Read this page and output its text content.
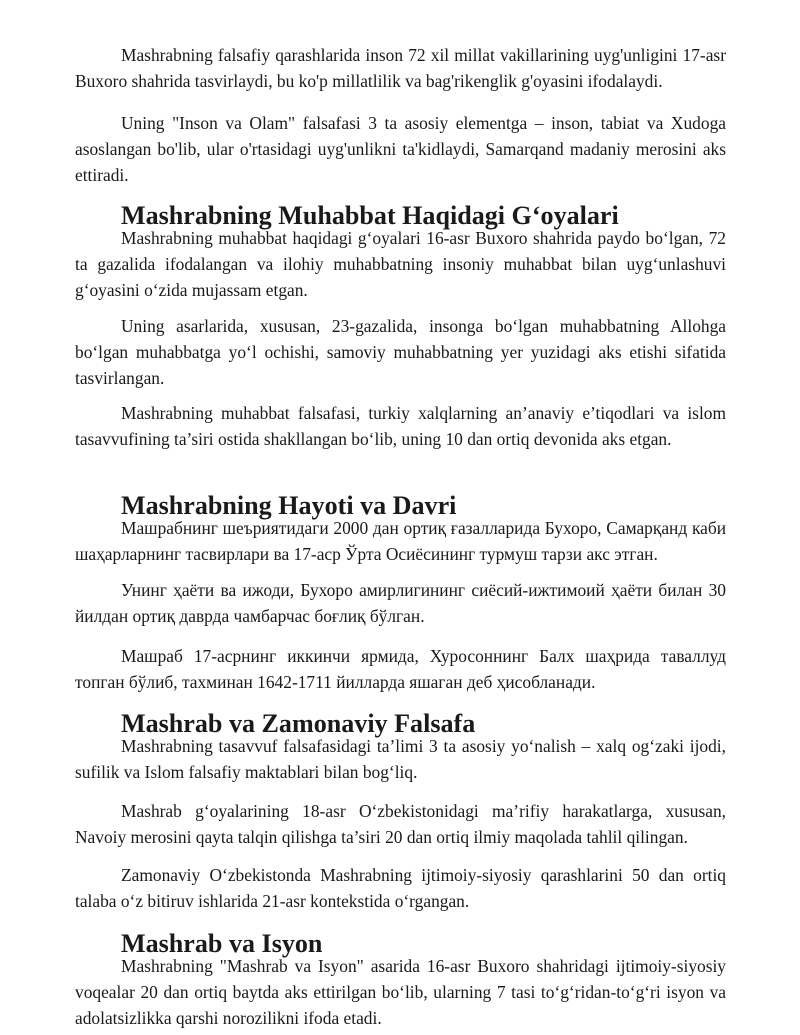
Mashrabning falsafiy qarashlarida inson 72 xil millat vakillarining uyg'unligini 17-asr Buxoro shahrida tasvirlaydi, bu ko'p millatlilik va bag'rikenglik g'oyasini ifodalaydi.

Uning "Inson va Olam" falsafasi 3 ta asosiy elementga – inson, tabiat va Xudoga asoslangan bo'lib, ular o'rtasidagi uyg'unlikni ta'kidlaydi, Samarqand madaniy merosini aks ettiradi.

Mashrabning Muhabbat Haqidagi G‘oyalari

Mashrabning muhabbat haqidagi g‘oyalari 16-asr Buxoro shahrida paydo bo‘lgan, 72 ta gazalida ifodalangan va ilohiy muhabbatning insoniy muhabbat bilan uyg‘unlashuvi g‘oyasini o‘zida mujassam etgan.

Uning asarlarida, xususan, 23-gazalida, insonga bo‘lgan muhabbatning Allohga bo‘lgan muhabbatga yo‘l ochishi, samoviy muhabbatning yer yuzidagi aks etishi sifatida tasvirlangan.

Mashrabning muhabbat falsafasi, turkiy xalqlarning an’anaviy e’tiqodlari va islom tasavvufining ta’siri ostida shakllangan bo‘lib, uning 10 dan ortiq devonida aks etgan.

Mashrabning Hayoti va Davri

Машрабнинг шеъриятидаги 2000 дан ортиқ ғазалларида Бухоро, Самарқанд каби шаҳарларнинг тасвирлари ва 17-аср Ўрта Осиёсининг турмуш тарзи акс этган.

Унинг ҳаёти ва ижоди, Бухоро амирлигининг сиёсий-ижтимоий ҳаёти билан 30 йилдан ортиқ даврда чамбарчас боғлиқ бўлган.

Машраб 17-асрнинг иккинчи ярмида, Хуросоннинг Балх шаҳрида таваллуд топган бўлиб, тахминан 1642-1711 йилларда яшаган деб ҳисобланади.

Mashrab va Zamonaviy Falsafa

Mashrabning tasavvuf falsafasidagi ta’limi 3 ta asosiy yo‘nalish – xalq og‘zaki ijodi, sufilik va Islom falsafiy maktablari bilan bog‘liq.

Mashrab g‘oyalarining 18-asr O‘zbekistonidagi ma’rifiy harakatlarga, xususan, Navoiy merosini qayta talqin qilishga ta’siri 20 dan ortiq ilmiy maqolada tahlil qilingan.

Zamonaviy O‘zbekistonda Mashrabning ijtimoiy-siyosiy qarashlarini 50 dan ortiq talaba o‘z bitiruv ishlarida 21-asr kontekstida o‘rgangan.

Mashrab va Isyon

Mashrabning "Mashrab va Isyon" asarida 16-asr Buxoro shahridagi ijtimoiy-siyosiy voqealar 20 dan ortiq baytda aks ettirilgan bo‘lib, ularning 7 tasi to‘g‘ridan-to‘g‘ri isyon va adolatsizlikka qarshi norozilikni ifoda etadi.
